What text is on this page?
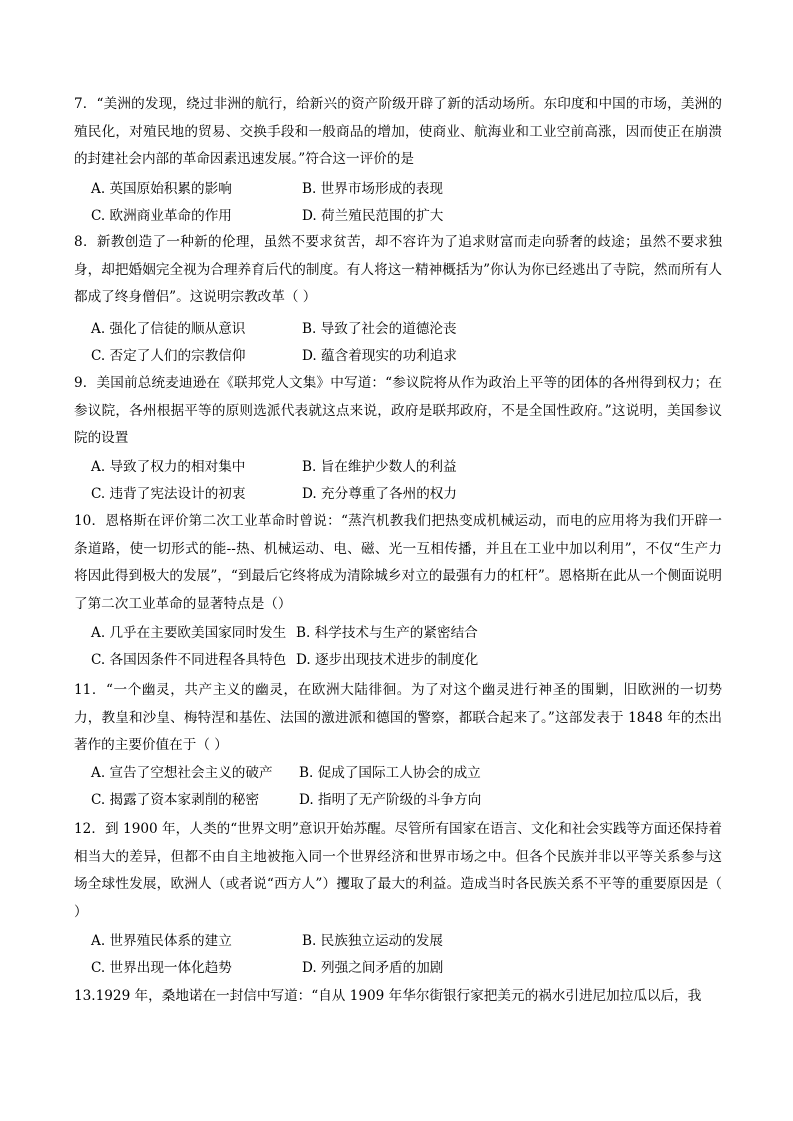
7．“美洲的发现，绕过非洲的航行，给新兴的资产阶级开辟了新的活动场所。东印度和中国的市场，美洲的殖民化，对殖民地的贸易、交换手段和一般商品的增加，使商业、航海业和工业空前高涨，因而使正在崩溃的封建社会内部的革命因素迅速发展。”符合这一评价的是
A. 英国原始积累的影响	B. 世界市场形成的表现
C. 欧洲商业革命的作用	D. 荷兰殖民范围的扩大
8．新教创造了一种新的伦理，虽然不要求贫苦，却不容许为了追求财富而走向骄奢的歧途；虽然不要求独身，却把婚姻完全视为合理养育后代的制度。有人将这一精神概括为”你认为你已经逃出了寺院，然而所有人都成了终身僧侣”。这说明宗教改革（ ）
A. 强化了信徒的顺从意识	B. 导致了社会的道德沦丧
C. 否定了人们的宗教信仰	D. 蕴含着现实的功利追求
9．美国前总统麦迪逊在《联邦党人文集》中写道：“参议院将从作为政治上平等的团体的各州得到权力；在参议院，各州根据平等的原则选派代表就这点来说，政府是联邦政府，不是全国性政府。”这说明，美国参议院的设置
A. 导致了权力的相对集中	B. 旨在维护少数人的利益
C. 违背了宪法设计的初衷	D. 充分尊重了各州的权力
10．恩格斯在评价第二次工业革命时曾说：“蒸汽机教我们把热变成机械运动，而电的应用将为我们开辟一条道路，使一切形式的能--热、机械运动、电、磁、光一互相传播，并且在工业中加以利用”，不仅“生产力将因此得到极大的发展”，“到最后它终将成为清除城乡对立的最强有力的杠杆”。恩格斯在此从一个侧面说明了第二次工业革命的显著特点是（）
A. 几乎在主要欧美国家同时发生 B. 科学技术与生产的紧密结合
C. 各国因条件不同进程各具特色 D. 逐步出现技术进步的制度化
11．“一个幽灵，共产主义的幽灵，在欧洲大陆徘徊。为了对这个幽灵进行神圣的围剿，旧欧洲的一切势力，教皇和沙皇、梅特涅和基佐、法国的激进派和德国的警察，都联合起来了。”这部发表于 1848 年的杰出著作的主要价值在于（ ）
A. 宣告了空想社会主义的破产	B. 促成了国际工人协会的成立
C. 揭露了资本家剥削的秘密	D. 指明了无产阶级的斗争方向
12．到 1900 年，人类的“世界文明”意识开始苏醒。尽管所有国家在语言、文化和社会实践等方面还保持着相当大的差异，但都不由自主地被拖入同一个世界经济和世界市场之中。但各个民族并非以平等关系参与这场全球性发展，欧洲人（或者说“西方人”）攫取了最大的利益。造成当时各民族关系不平等的重要原因是（ ）
A. 世界殖民体系的建立	B. 民族独立运动的发展
C. 世界出现一体化趋势	D. 列强之间矛盾的加剧
13.1929 年，桑地诺在一封信中写道：“自从 1909 年华尔街银行家把美元的祸水引进尼加拉瓜以后，我
